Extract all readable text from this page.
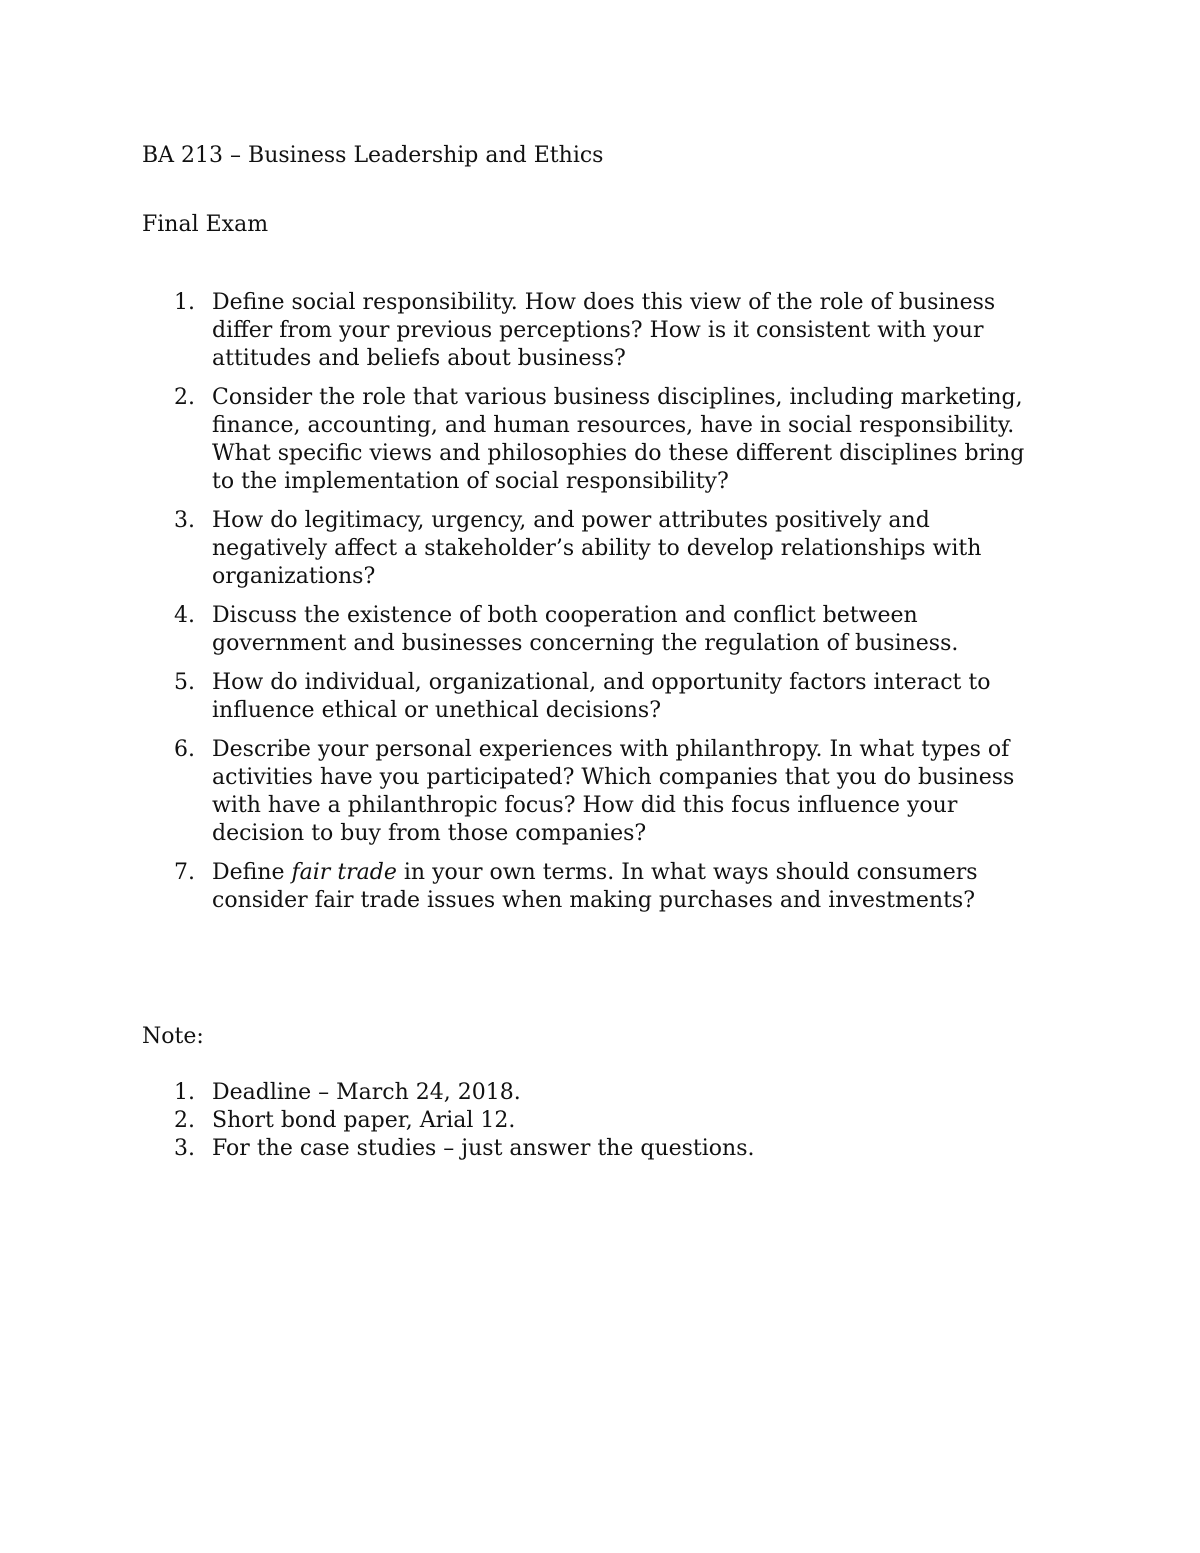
BA 213 – Business Leadership and Ethics
Final Exam
1. Define social responsibility. How does this view of the role of business
differ from your previous perceptions? How is it consistent with your
attitudes and beliefs about business?
2. Consider the role that various business disciplines, including marketing,
finance, accounting, and human resources, have in social responsibility.
What specific views and philosophies do these different disciplines bring
to the implementation of social responsibility?
3. How do legitimacy, urgency, and power attributes positively and
negatively affect a stakeholder’s ability to develop relationships with
organizations?
4. Discuss the existence of both cooperation and conflict between
government and businesses concerning the regulation of business.
5. How do individual, organizational, and opportunity factors interact to
influence ethical or unethical decisions?
6. Describe your personal experiences with philanthropy. In what types of
activities have you participated? Which companies that you do business
with have a philanthropic focus? How did this focus influence your
decision to buy from those companies?
7. Define fair trade in your own terms. In what ways should consumers
consider fair trade issues when making purchases and investments?
Note:
1. Deadline – March 24, 2018.
2. Short bond paper, Arial 12.
3. For the case studies – just answer the questions.
